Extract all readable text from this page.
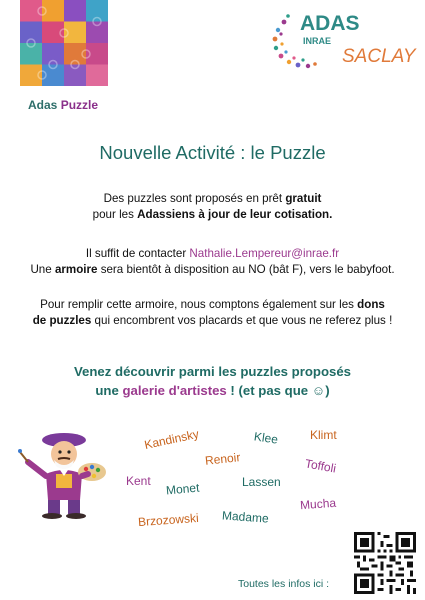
Adas Puzzle
ADAS
INRAE
SACLAY
Nouvelle Activité : le Puzzle
Des puzzles sont proposés en prêt gratuit
pour les Adassiens à jour de leur cotisation.
Il suffit de contacter Nathalie.Lempereur@inrae.fr
Une armoire sera bientôt à disposition au NO (bât F), vers le babyfoot.
Pour remplir cette armoire, nous comptons également sur les dons
de puzzles qui encombrent vos placards et que vous ne referez plus !
Venez découvrir parmi les puzzles proposés
une galerie d'artistes ! (et pas que ☺)
Kandinsky	Klee	Klimt
Renoir	Toffoli
Kent Monet	Lassen
Mucha
Brzozowski Madame
Toutes les infos ici :
